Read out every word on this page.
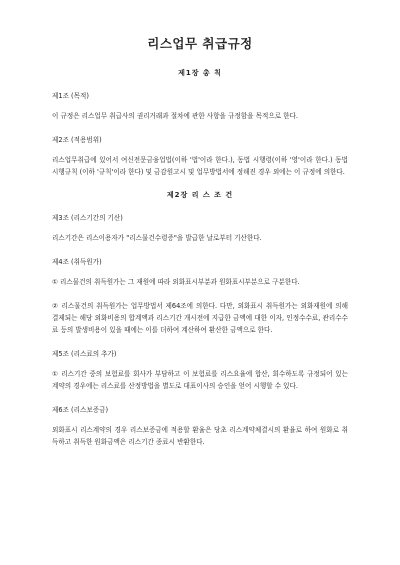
리스업무 취급규정
제1장 총 칙
제1조 (목적)

이 규정은 리스업무 취급사의 권리거래과 절차에 관한 사항을 규정함을 목적으로 한다.

제2조 (적용범위)

리스업무취급에 있어서 여신전문금융업법(이하 '법'이라 한다.), 동법 시행령(이하 '영'이라 한다.) 동법 시행규칙 (이하 '규칙'이라 한다) 및 금감원고시 및 업무방법서에 정해진 경우 외에는 이 규정에 의한다.

제2장 리 스 조 건
제3조 (리스기간의 기산)

리스기간은 리스이용자가 "리스물건수령증"을 발급한 날로부터 기산한다.

제4조 (취득원가)

① 리스물건의 취득원가는 그 재원에 따라 외화표시부분과 원화표시부분으로 구분한다.

② 리스물건의 취득원가는 업무방법서 제64조에 의한다. 다만, 외화표시 취득원가는 외화재원에 의해 결제되는 해당 외화비용의 합계액과 리스기간 개시전에 지급한 금액에 대한 이자, 인정수수료, 관리수수료 등의 발생비용이 있을 때에는 이를 더하여 계산하여 환산한 금액으로 한다.

제5조 (리스료의 추가)

① 리스기간 중의 보험료를 회사가 부담하고 이 보험료를 리스요율에 합산, 회수하도록 규정되어 있는 계약의 경우에는 리스료를 산정방법을 별도로 대표이사의 승인을 얻어 시행할 수 있다.

제6조 (리스보증금)

외화표시 리스계약의 경우 리스보증금에 적용할 환율은 당초 리스계약체결시의 환율로 하여 원화로 취득하고 취득한 원화금액은 리스기간 종료시 반환한다.
